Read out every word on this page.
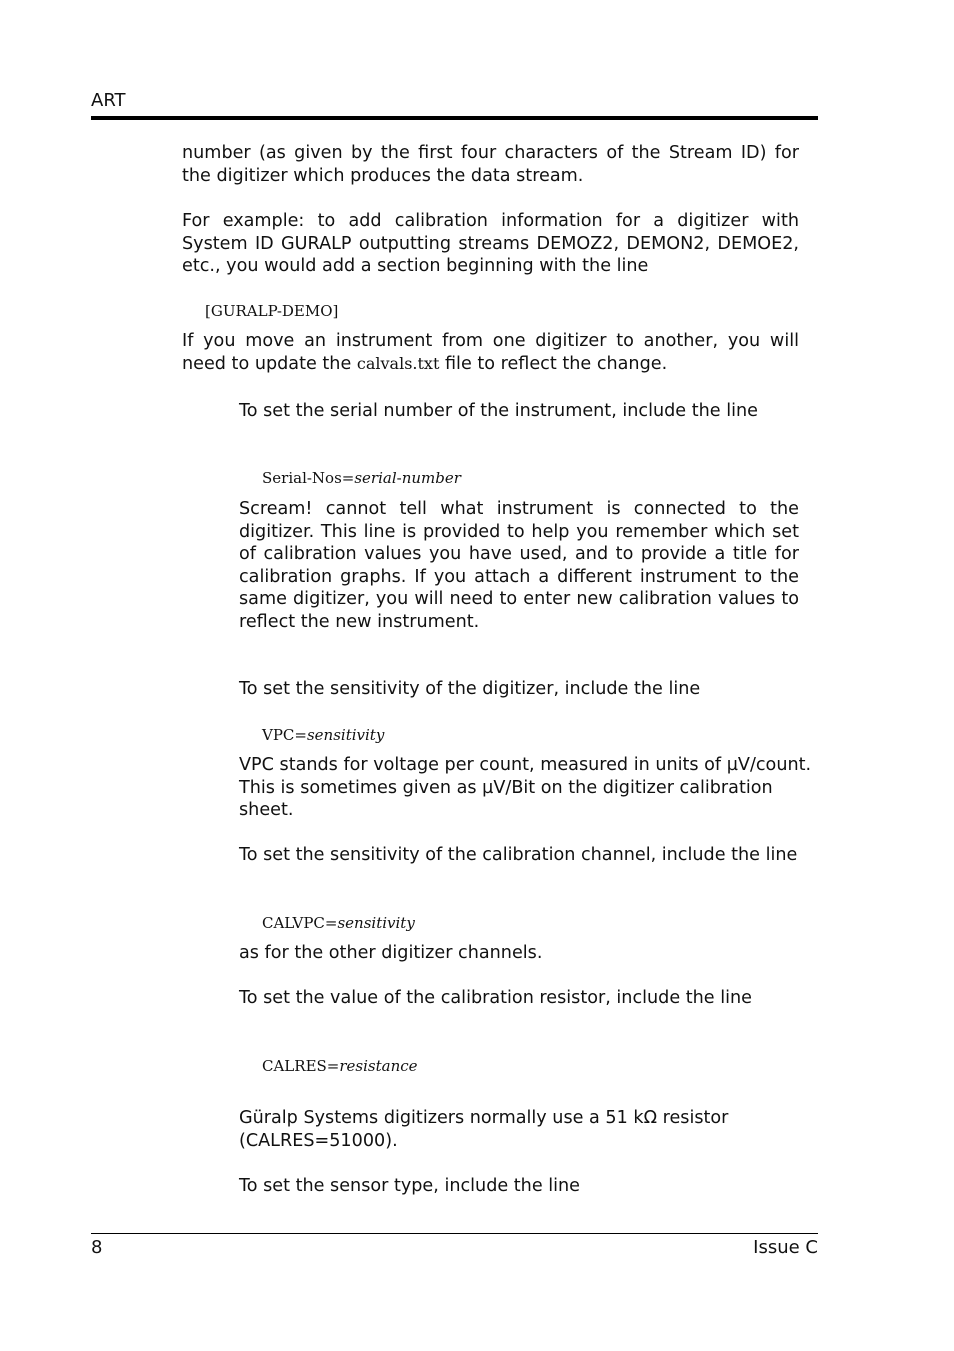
ART

number (as given by the first four characters of the Stream ID) for the digitizer which produces the data stream.

For example: to add calibration information for a digitizer with System ID GURALP outputting streams DEMOZ2, DEMON2, DEMOE2, etc., you would add a section beginning with the line

[GURALP-DEMO]

If you move an instrument from one digitizer to another, you will need to update the calvals.txt file to reflect the change.

To set the serial number of the instrument, include the line

Serial-Nos=serial-number

Scream! cannot tell what instrument is connected to the digitizer. This line is provided to help you remember which set of calibration values you have used, and to provide a title for calibration graphs. If you attach a different instrument to the same digitizer, you will need to enter new calibration values to reflect the new instrument.

To set the sensitivity of the digitizer, include the line

VPC=sensitivity

VPC stands for voltage per count, measured in units of µV/count. This is sometimes given as µV/Bit on the digitizer calibration sheet.

To set the sensitivity of the calibration channel, include the line

CALVPC=sensitivity

as for the other digitizer channels.

To set the value of the calibration resistor, include the line

CALRES=resistance

Güralp Systems digitizers normally use a 51 kΩ resistor (CALRES=51000).

To set the sensor type, include the line

8	Issue C
